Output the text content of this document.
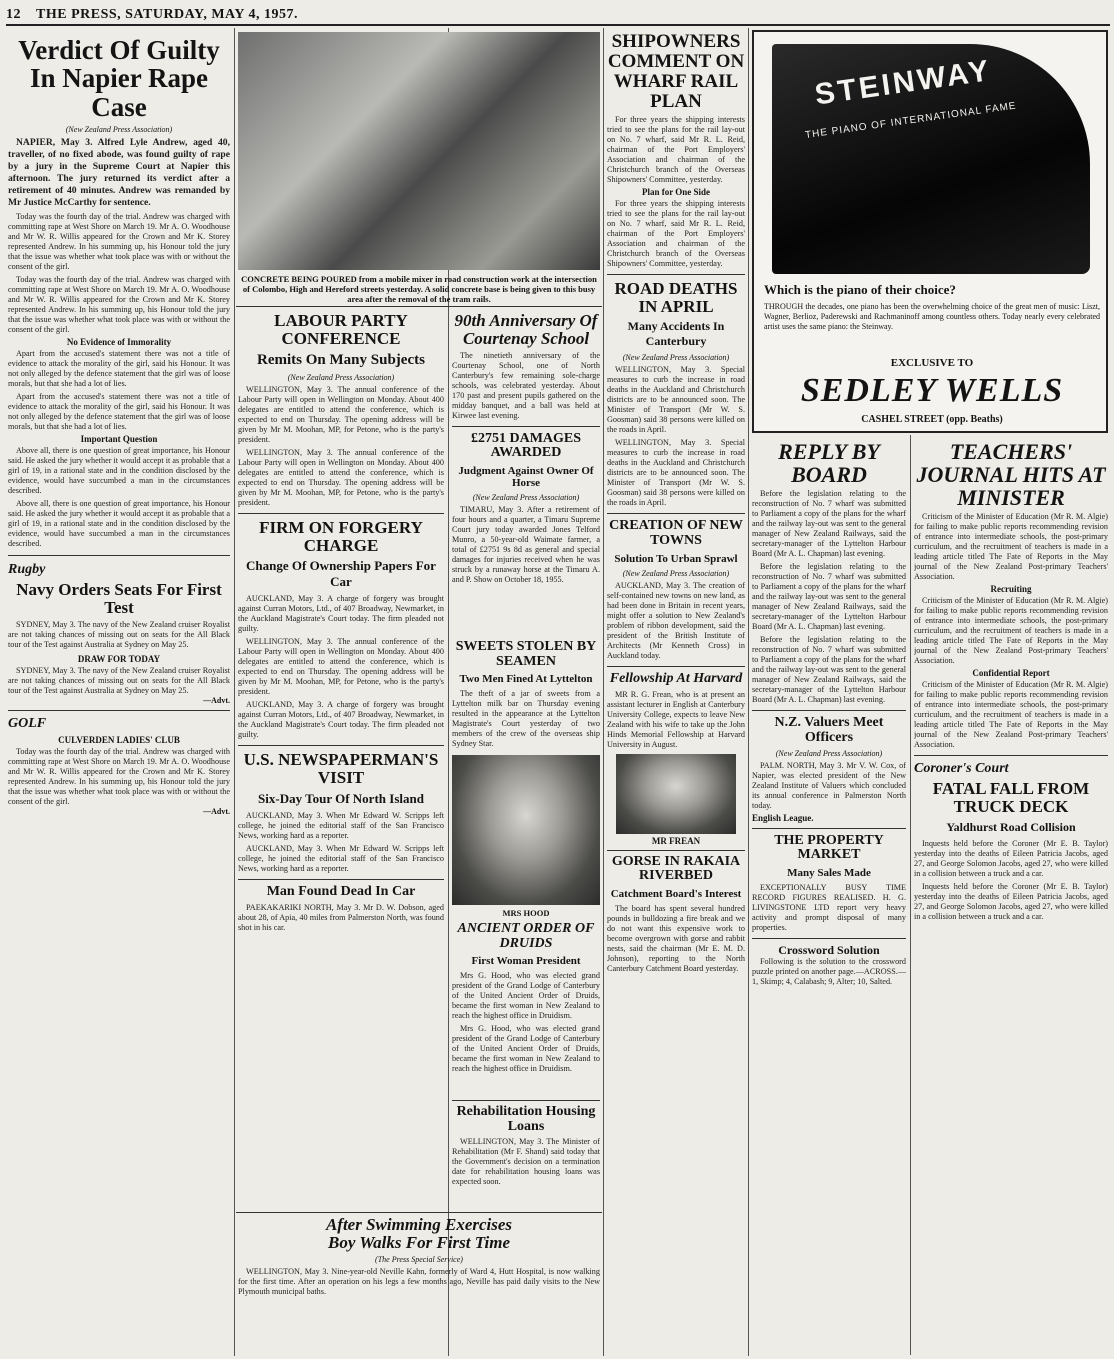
12 THE PRESS, SATURDAY, MAY 4, 1957.
Verdict Of Guilty In Napier Rape Case
(New Zealand Press Association)
NAPIER, May 3. Alfred Lyle Andrew, aged 40, traveller, of no fixed abode, was found guilty of rape by a jury in the Supreme Court at Napier this afternoon. The jury returned its verdict after a retirement of 40 minutes. Andrew was remanded by Mr Justice McCarthy for sentence.
Today was the fourth day of the trial. Andrew was charged with committing rape at West Shore on March 19. Mr A. O. Woodhouse and Mr W. R. Willis appeared for the Crown and Mr K. Storey represented Andrew. In his summing up, his Honour told the jury that the issue was whether what took place was with or without the consent of the girl.
Today was the fourth day of the trial. Andrew was charged with committing rape at West Shore on March 19. Mr A. O. Woodhouse and Mr W. R. Willis appeared for the Crown and Mr K. Storey represented Andrew. In his summing up, his Honour told the jury that the issue was whether what took place was with or without the consent of the girl.
No Evidence of Immorality
Apart from the accused's statement there was not a title of evidence to attack the morality of the girl, said his Honour. It was not only alleged by the defence statement that the girl was of loose morals, but that she had a lot of lies.
Apart from the accused's statement there was not a title of evidence to attack the morality of the girl, said his Honour. It was not only alleged by the defence statement that the girl was of loose morals, but that she had a lot of lies.
Important Question
Above all, there is one question of great importance, his Honour said. He asked the jury whether it would accept it as probable that a girl of 19, in a rational state and in the condition disclosed by the evidence, would have succumbed a man in the circumstances described.
Above all, there is one question of great importance, his Honour said. He asked the jury whether it would accept it as probable that a girl of 19, in a rational state and in the condition disclosed by the evidence, would have succumbed a man in the circumstances described.
Rugby
Navy Orders Seats For First Test
SYDNEY, May 3. The navy of the New Zealand cruiser Royalist are not taking chances of missing out on seats for the All Black tour of the Test against Australia at Sydney on May 25.
DRAW FOR TODAY
SYDNEY, May 3. The navy of the New Zealand cruiser Royalist are not taking chances of missing out on seats for the All Black tour of the Test against Australia at Sydney on May 25.
—Advt.
GOLF
CULVERDEN LADIES' CLUB
Today was the fourth day of the trial. Andrew was charged with committing rape at West Shore on March 19. Mr A. O. Woodhouse and Mr W. R. Willis appeared for the Crown and Mr K. Storey represented Andrew. In his summing up, his Honour told the jury that the issue was whether what took place was with or without the consent of the girl.
—Advt.
CONCRETE BEING POURED from a mobile mixer in road construction work at the intersection of Colombo, High and Hereford streets yesterday. A solid concrete base is being given to this busy area after the removal of the tram rails.
LABOUR PARTY CONFERENCE
Remits On Many Subjects
(New Zealand Press Association)
WELLINGTON, May 3. The annual conference of the Labour Party will open in Wellington on Monday. About 400 delegates are entitled to attend the conference, which is expected to end on Thursday. The opening address will be given by Mr M. Moohan, MP, for Petone, who is the party's president.
WELLINGTON, May 3. The annual conference of the Labour Party will open in Wellington on Monday. About 400 delegates are entitled to attend the conference, which is expected to end on Thursday. The opening address will be given by Mr M. Moohan, MP, for Petone, who is the party's president.
FIRM ON FORGERY CHARGE
Change Of Ownership Papers For Car
AUCKLAND, May 3. A charge of forgery was brought against Curran Motors, Ltd., of 407 Broadway, Newmarket, in the Auckland Magistrate's Court today. The firm pleaded not guilty.
WELLINGTON, May 3. The annual conference of the Labour Party will open in Wellington on Monday. About 400 delegates are entitled to attend the conference, which is expected to end on Thursday. The opening address will be given by Mr M. Moohan, MP, for Petone, who is the party's president.
AUCKLAND, May 3. A charge of forgery was brought against Curran Motors, Ltd., of 407 Broadway, Newmarket, in the Auckland Magistrate's Court today. The firm pleaded not guilty.
U.S. NEWSPAPERMAN'S VISIT
Six-Day Tour Of North Island
AUCKLAND, May 3. When Mr Edward W. Scripps left college, he joined the editorial staff of the San Francisco News, working hard as a reporter.
AUCKLAND, May 3. When Mr Edward W. Scripps left college, he joined the editorial staff of the San Francisco News, working hard as a reporter.
Man Found Dead In Car
PAEKAKARIKI NORTH, May 3. Mr D. W. Dobson, aged about 28, of Apia, 40 miles from Palmerston North, was found shot in his car.
90th Anniversary Of Courtenay School
The ninetieth anniversary of the Courtenay School, one of North Canterbury's few remaining sole-charge schools, was celebrated yesterday. About 170 past and present pupils gathered on the midday banquet, and a ball was held at Kirwee last evening.
£2751 DAMAGES AWARDED
Judgment Against Owner Of Horse
(New Zealand Press Association)
TIMARU, May 3. After a retirement of four hours and a quarter, a Timaru Supreme Court jury today awarded Jones Telford Munro, a 50-year-old Waimate farmer, a total of £2751 9s 8d as general and special damages for injuries received when he was struck by a runaway horse at the Timaru A. and P. Show on October 18, 1955.
SWEETS STOLEN BY SEAMEN
Two Men Fined At Lyttelton
The theft of a jar of sweets from a Lyttelton milk bar on Thursday evening resulted in the appearance at the Lyttelton Magistrate's Court yesterday of two members of the crew of the overseas ship Sydney Star.
MRS HOOD
ANCIENT ORDER OF DRUIDS
First Woman President
Mrs G. Hood, who was elected grand president of the Grand Lodge of Canterbury of the United Ancient Order of Druids, became the first woman in New Zealand to reach the highest office in Druidism.
Mrs G. Hood, who was elected grand president of the Grand Lodge of Canterbury of the United Ancient Order of Druids, became the first woman in New Zealand to reach the highest office in Druidism.
Rehabilitation Housing Loans
WELLINGTON, May 3. The Minister of Rehabilitation (Mr F. Shand) said today that the Government's decision on a termination date for rehabilitation housing loans was expected soon.
After Swimming Exercises
Boy Walks For First Time
(The Press Special Service)
WELLINGTON, May 3. Nine-year-old Neville Kahn, formerly of Ward 4, Hutt Hospital, is now walking for the first time. After an operation on his legs a few months ago, Neville has paid daily visits to the New Plymouth municipal baths.
SHIPOWNERS COMMENT ON WHARF RAIL PLAN
For three years the shipping interests tried to see the plans for the rail lay-out on No. 7 wharf, said Mr R. L. Reid, chairman of the Port Employers' Association and chairman of the Christchurch branch of the Overseas Shipowners' Committee, yesterday.
Plan for One Side
For three years the shipping interests tried to see the plans for the rail lay-out on No. 7 wharf, said Mr R. L. Reid, chairman of the Port Employers' Association and chairman of the Christchurch branch of the Overseas Shipowners' Committee, yesterday.
ROAD DEATHS IN APRIL
Many Accidents In Canterbury
(New Zealand Press Association)
WELLINGTON, May 3. Special measures to curb the increase in road deaths in the Auckland and Christchurch districts are to be announced soon. The Minister of Transport (Mr W. S. Goosman) said 38 persons were killed on the roads in April.
WELLINGTON, May 3. Special measures to curb the increase in road deaths in the Auckland and Christchurch districts are to be announced soon. The Minister of Transport (Mr W. S. Goosman) said 38 persons were killed on the roads in April.
CREATION OF NEW TOWNS
Solution To Urban Sprawl
(New Zealand Press Association)
AUCKLAND, May 3. The creation of self-contained new towns on new land, as had been done in Britain in recent years, might offer a solution to New Zealand's problem of ribbon development, said the president of the British Institute of Architects (Mr Kenneth Cross) in Auckland today.
Fellowship At Harvard
MR R. G. Frean, who is at present an assistant lecturer in English at Canterbury University College, expects to leave New Zealand with his wife to take up the John Hinds Memorial Fellowship at Harvard University in August.
MR FREAN
GORSE IN RAKAIA RIVERBED
Catchment Board's Interest
The board has spent several hundred pounds in bulldozing a fire break and we do not want this expensive work to become overgrown with gorse and rabbit nests, said the chairman (Mr E. M. D. Johnson), reporting to the North Canterbury Catchment Board yesterday.
STEINWAY
THE PIANO OF INTERNATIONAL FAME
Which is the piano of their choice?
THROUGH the decades, one piano has been the overwhelming choice of the great men of music: Liszt, Wagner, Berlioz, Paderewski and Rachmaninoff among countless others. Today nearly every celebrated artist uses the same piano: the Steinway.
EXCLUSIVE TO
SEDLEY WELLS
CASHEL STREET (opp. Beaths)
REPLY BY BOARD
Before the legislation relating to the reconstruction of No. 7 wharf was submitted to Parliament a copy of the plans for the wharf and the railway lay-out was sent to the general manager of New Zealand Railways, said the secretary-manager of the Lyttelton Harbour Board (Mr A. L. Chapman) last evening.
Before the legislation relating to the reconstruction of No. 7 wharf was submitted to Parliament a copy of the plans for the wharf and the railway lay-out was sent to the general manager of New Zealand Railways, said the secretary-manager of the Lyttelton Harbour Board (Mr A. L. Chapman) last evening.
Before the legislation relating to the reconstruction of No. 7 wharf was submitted to Parliament a copy of the plans for the wharf and the railway lay-out was sent to the general manager of New Zealand Railways, said the secretary-manager of the Lyttelton Harbour Board (Mr A. L. Chapman) last evening.
N.Z. Valuers Meet Officers
(New Zealand Press Association)
PALM. NORTH, May 3. Mr V. W. Cox, of Napier, was elected president of the New Zealand Institute of Valuers which concluded its annual conference in Palmerston North today.
English League.
THE PROPERTY MARKET
Many Sales Made
EXCEPTIONALLY BUSY TIME RECORD FIGURES REALISED. H. G. LIVINGSTONE LTD report very heavy activity and prompt disposal of many properties.
Crossword Solution
Following is the solution to the crossword puzzle printed on another page.—ACROSS.—1, Skimp; 4, Calabash; 9, Alter; 10, Salted.
TEACHERS' JOURNAL HITS AT MINISTER
Criticism of the Minister of Education (Mr R. M. Algie) for failing to make public reports recommending revision of entrance into intermediate schools, the post-primary curriculum, and the recruitment of teachers is made in a leading article titled The Fate of Reports in the May journal of the New Zealand Post-primary Teachers' Association.
Recruiting
Criticism of the Minister of Education (Mr R. M. Algie) for failing to make public reports recommending revision of entrance into intermediate schools, the post-primary curriculum, and the recruitment of teachers is made in a leading article titled The Fate of Reports in the May journal of the New Zealand Post-primary Teachers' Association.
Confidential Report
Criticism of the Minister of Education (Mr R. M. Algie) for failing to make public reports recommending revision of entrance into intermediate schools, the post-primary curriculum, and the recruitment of teachers is made in a leading article titled The Fate of Reports in the May journal of the New Zealand Post-primary Teachers' Association.
Coroner's Court
FATAL FALL FROM TRUCK DECK
Yaldhurst Road Collision
Inquests held before the Coroner (Mr E. B. Taylor) yesterday into the deaths of Eileen Patricia Jacobs, aged 27, and George Solomon Jacobs, aged 27, who were killed in a collision between a truck and a car.
Inquests held before the Coroner (Mr E. B. Taylor) yesterday into the deaths of Eileen Patricia Jacobs, aged 27, and George Solomon Jacobs, aged 27, who were killed in a collision between a truck and a car.
